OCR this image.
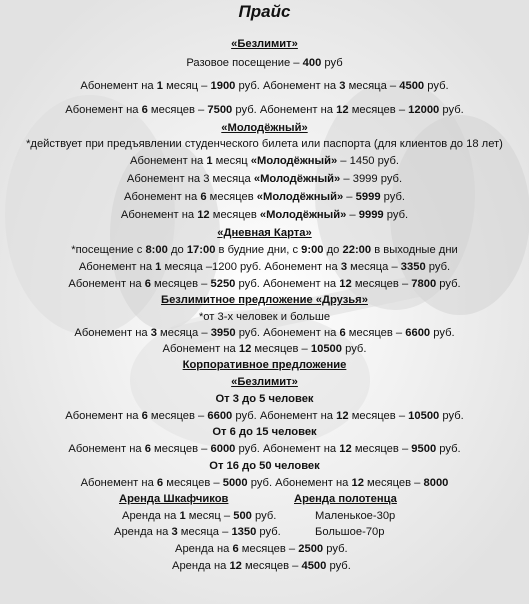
Прайс
«Безлимит»
Разовое посещение – 400 руб
Абонемент на 1 месяц – 1900 руб. Абонемент на 3 месяца – 4500 руб.
Абонемент на 6 месяцев – 7500 руб. Абонемент на 12 месяцев – 12000 руб.
«Молодёжный»
*действует при предъявлении студенческого билета или паспорта (для клиентов до 18 лет)
Абонемент на 1 месяц «Молодёжный» – 1450 руб.
Абонемент на 3 месяца «Молодёжный» – 3999 руб.
Абонемент на 6 месяцев «Молодёжный» – 5999 руб.
Абонемент на 12 месяцев «Молодёжный» – 9999 руб.
«Дневная Карта»
*посещение с 8:00 до 17:00 в будние дни, с 9:00 до 22:00 в выходные дни
Абонемент на 1 месяца –1200 руб. Абонемент на 3 месяца – 3350 руб.
Абонемент на 6 месяцев – 5250 руб. Абонемент на 12 месяцев – 7800 руб.
Безлимитное предложение «Друзья»
*от 3-х человек и больше
Абонемент на 3 месяца – 3950 руб. Абонемент на 6 месяцев – 6600 руб.
Абонемент на 12 месяцев – 10500 руб.
Корпоративное предложение
«Безлимит»
От 3 до 5 человек
Абонемент на 6 месяцев – 6600 руб. Абонемент на 12 месяцев – 10500 руб.
От 6 до 15 человек
Абонемент на 6 месяцев – 6000 руб. Абонемент на 12 месяцев – 9500 руб.
От 16 до 50 человек
Абонемент на 6 месяцев – 5000 руб. Абонемент на 12 месяцев – 8000
Аренда Шкафчиков	Аренда полотенца
Аренда на 1 месяц – 500 руб.	Маленькое-30р
Аренда на 3 месяца – 1350 руб.	Большое-70р
Аренда на 6 месяцев – 2500 руб.
Аренда на 12 месяцев – 4500 руб.
